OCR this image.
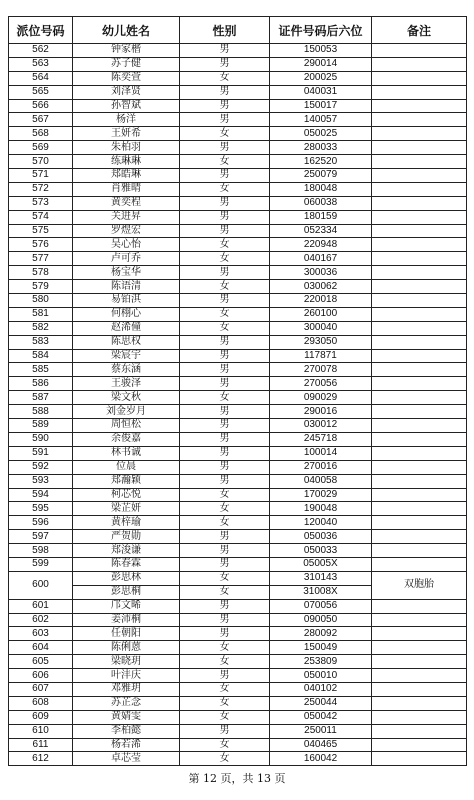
派位号码	幼儿姓名	性别	证件号码后六位	备注
562	钟家楷	男	150053	
563	苏子健	男	290014	
564	陈奕萱	女	200025	
565	刘泽贤	男	040031	
566	孙智斌	男	150017	
567	杨洋	男	140057	
568	王妍希	女	050025	
569	朱柏羽	男	280033	
570	练琳琳	女	162520	
571	郑皓琳	男	250079	
572	肖雅晴	女	180048	
573	黄奕程	男	060038	
574	关进昇	男	180159	
575	罗煜宏	男	052334	
576	吴心怡	女	220948	
577	卢可乔	女	040167	
578	杨宝华	男	300036	
579	陈语清	女	030062	
580	易铂淇	男	220018	
581	何栩心	女	260100	
582	赵浠僮	女	300040	
583	陈思权	男	293050	
584	梁宸宇	男	117871	
585	蔡东涵	男	270078	
586	王骏泽	男	270056	
587	梁文秋	女	090029	
588	刘金岁月	男	290016	
589	周恒松	男	030012	
590	余俊嘉	男	245718	
591	林书诚	男	100014	
592	位晨	男	270016	
593	郑瀚颖	男	040058	
594	柯芯悦	女	170029	
595	梁芷妍	女	190048	
596	黄梓瑜	女	120040	
597	严贺勋	男	050036	
598	郑浚谦	男	050033	
599	陈春霖	男	05005X	
600	彭思林	女	310143	双胞胎
	彭思桐	女	31008X	
601	邝文晞	男	070056	
602	姜沛桐	男	090050	
603	任朝阳	男	280092	
604	陈俐蒽	女	150049	
605	梁晓玥	女	253809	
606	叶沣庆	男	050010	
607	邓雅玥	女	040102	
608	苏芷念	女	250044	
609	黄婧雯	女	050042	
610	李柏懿	男	250011	
611	杨若浠	女	040465	
612	卓芯莹	女	160042	
第 12 页，共 13 页
